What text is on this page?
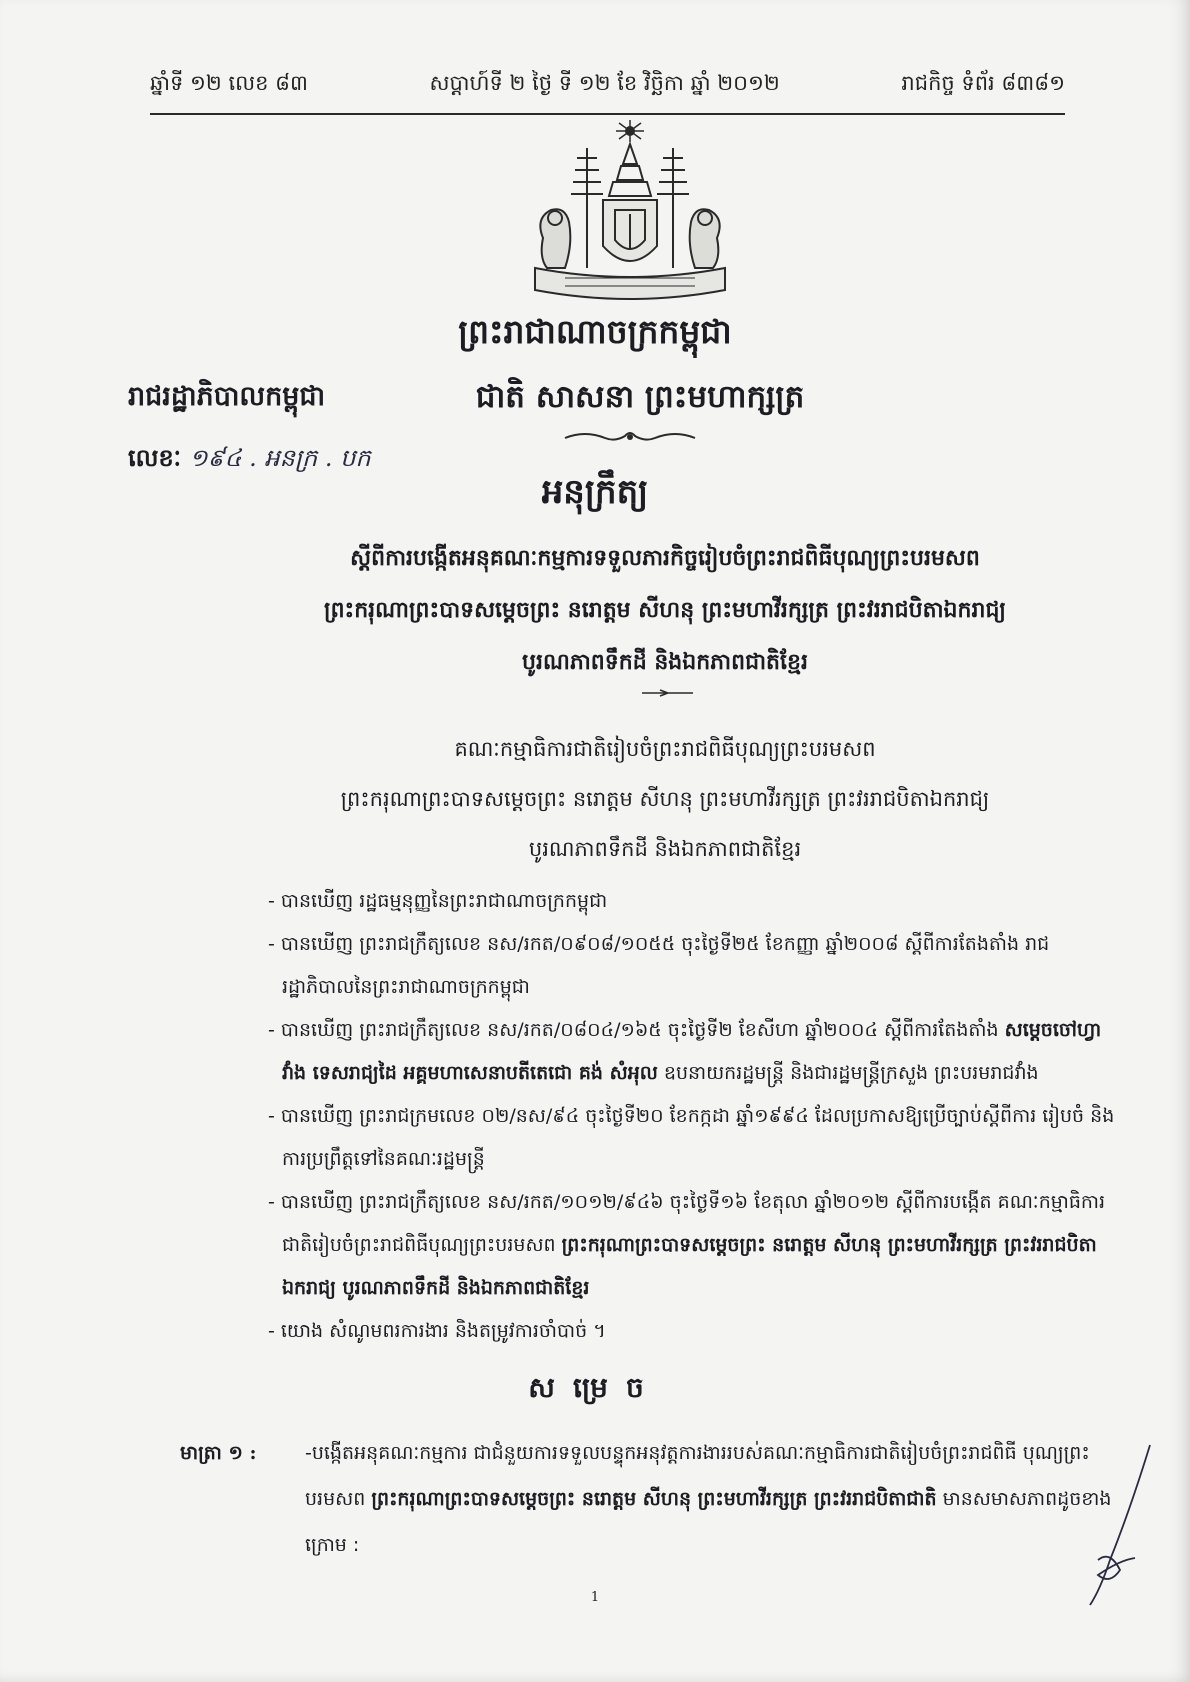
ឆ្នាំទី ១២ លេខ ៨៣	សប្តាហ៍ទី ២ ថ្ងៃ ទី ១២ ខែ វិច្ឆិកា ឆ្នាំ ២០១២	រាជកិច្ច ទំព័រ ៨៣៨១
ព្រះរាជាណាចក្រកម្ពុជា
រាជរដ្ឋាភិបាលកម្ពុជា	ជាតិ សាសនា ព្រះមហាក្សត្រ
លេខៈ ១៩៤ . អនក្រ . បក
អនុក្រឹត្យ
ស្តីពីការបង្កើតអនុគណៈកម្មការទទួលភារកិច្ចរៀបចំព្រះរាជពិធីបុណ្យព្រះបរមសព
ព្រះករុណាព្រះបាទសម្តេចព្រះ នរោត្តម សីហនុ ព្រះមហាវីរក្សត្រ ព្រះវររាជបិតាឯករាជ្យ
បូរណភាពទឹកដី និងឯកភាពជាតិខ្មែរ
គណៈកម្មាធិការជាតិរៀបចំព្រះរាជពិធីបុណ្យព្រះបរមសព
ព្រះករុណាព្រះបាទសម្តេចព្រះ នរោត្តម សីហនុ ព្រះមហាវីរក្សត្រ ព្រះវររាជបិតាឯករាជ្យ
បូរណភាពទឹកដី និងឯកភាពជាតិខ្មែរ
- បានឃើញ រដ្ឋធម្មនុញ្ញនៃព្រះរាជាណាចក្រកម្ពុជា
- បានឃើញ ព្រះរាជក្រឹត្យលេខ នស/រកត/០៩០៨/១០៥៥ ចុះថ្ងៃទី២៥ ខែកញ្ញា ឆ្នាំ២០០៨ ស្តីពីការតែងតាំង រាជរដ្ឋាភិបាលនៃព្រះរាជាណាចក្រកម្ពុជា
- បានឃើញ ព្រះរាជក្រឹត្យលេខ នស/រកត/០៨០៤/១៦៥ ចុះថ្ងៃទី២ ខែសីហា ឆ្នាំ២០០៤ ស្តីពីការតែងតាំង សម្តេចចៅហ្វាវាំង ទេសរាជ្យដៃ អគ្គមហាសេនាបតីតេជោ គង់ សំអុល ឧបនាយករដ្ឋមន្ត្រី និងជារដ្ឋមន្ត្រីក្រសួង ព្រះបរមរាជវាំង
- បានឃើញ ព្រះរាជក្រមលេខ ០២/នស/៩៤ ចុះថ្ងៃទី២០ ខែកក្កដា ឆ្នាំ១៩៩៤ ដែលប្រកាសឱ្យប្រើច្បាប់ស្តីពីការ រៀបចំ និងការប្រព្រឹត្តទៅនៃគណៈរដ្ឋមន្ត្រី
- បានឃើញ ព្រះរាជក្រឹត្យលេខ នស/រកត/១០១២/៩៤៦ ចុះថ្ងៃទី១៦ ខែតុលា ឆ្នាំ២០១២ ស្តីពីការបង្កើត គណៈកម្មាធិការជាតិរៀបចំព្រះរាជពិធីបុណ្យព្រះបរមសព ព្រះករុណាព្រះបាទសម្តេចព្រះ នរោត្តម សីហនុ ព្រះមហាវីរក្សត្រ ព្រះវររាជបិតាឯករាជ្យ បូរណភាពទឹកដី និងឯកភាពជាតិខ្មែរ
- យោង សំណូមពរការងារ និងតម្រូវការចាំបាច់ ។
សម្រេច
មាត្រា ១ :	-បង្កើតអនុគណៈកម្មការ ជាជំនួយការទទួលបន្ទុកអនុវត្តការងាររបស់គណៈកម្មាធិការជាតិរៀបចំព្រះរាជពិធី បុណ្យព្រះបរមសព ព្រះករុណាព្រះបាទសម្តេចព្រះ នរោត្តម សីហនុ ព្រះមហាវីរក្សត្រ ព្រះវររាជបិតាជាតិ មានសមាសភាពដូចខាងក្រោម :
1
